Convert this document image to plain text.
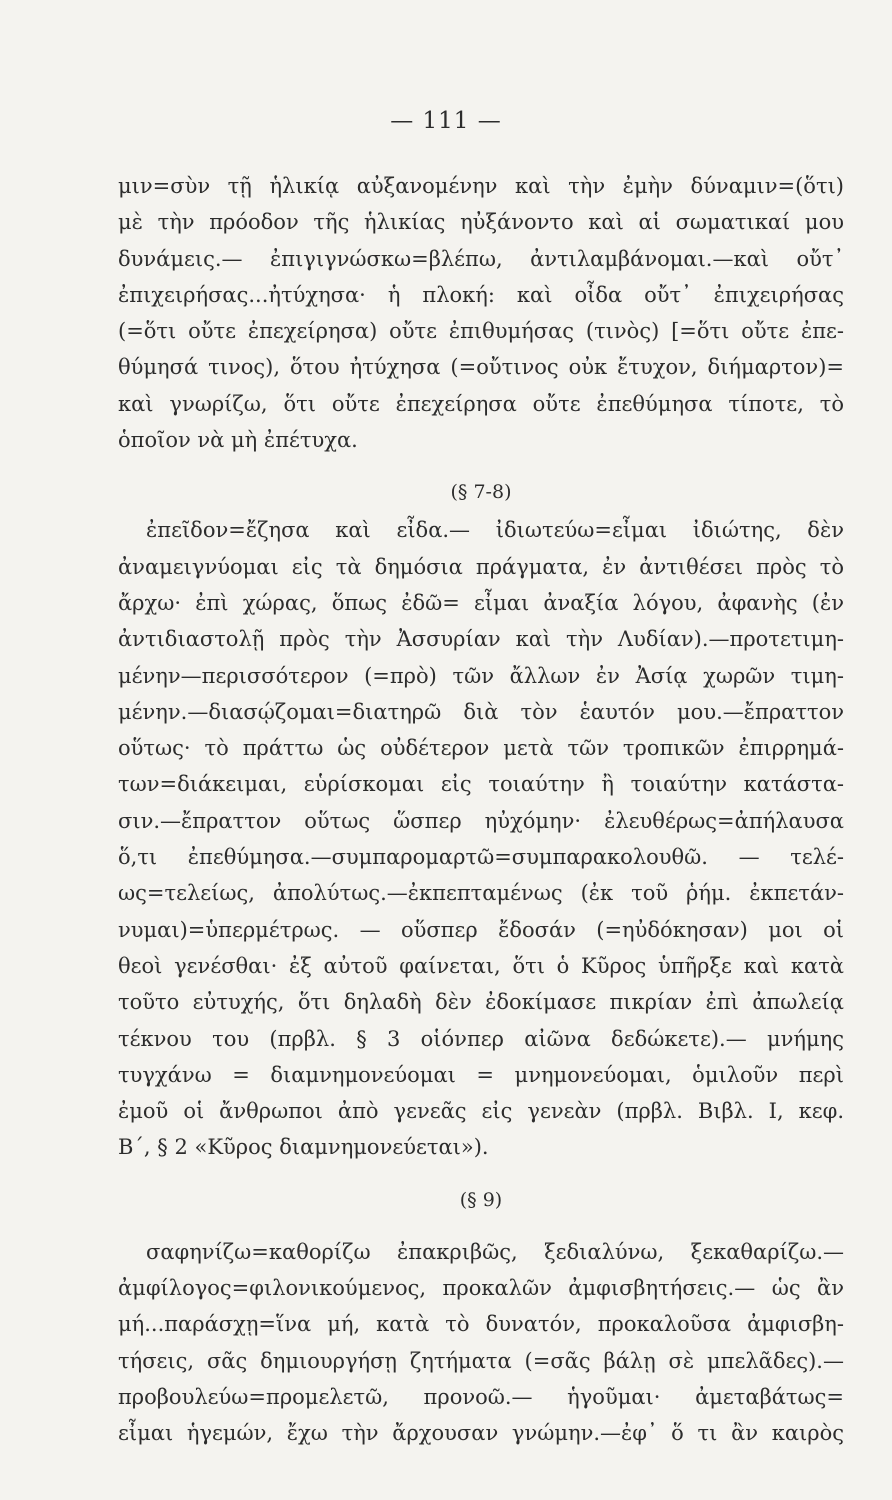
— 111 —
μιν=σὺν τῇ ἡλικίᾳ αὐξανομένην καὶ τὴν ἐμὴν δύναμιν=(ὅτι)
μὲ τὴν πρόοδον τῆς ἡλικίας ηὐξάνοντο καὶ αἱ σωματικαί μου
δυνάμεις.— ἐπιγιγνώσκω=βλέπω, ἀντιλαμβάνομαι.—καὶ οὔτ᾿
ἐπιχειρήσας...ἠτύχησα· ἡ πλοκή: καὶ οἶδα οὔτ᾿ ἐπιχειρήσας
(=ὅτι οὔτε ἐπεχείρησα) οὔτε ἐπιθυμήσας (τινὸς) [=ὅτι οὔτε ἐπε-
θύμησά τινος), ὅτου ἠτύχησα (=οὔτινος οὐκ ἔτυχον, διήμαρτον)=
καὶ γνωρίζω, ὅτι οὔτε ἐπεχείρησα οὔτε ἐπεθύμησα τίποτε, τὸ
ὁποῖον νὰ μὴ ἐπέτυχα.
(§ 7-8)
ἐπεῖδον=ἔζησα καὶ εἶδα.— ἰδιωτεύω=εἶμαι ἰδιώτης, δὲν
ἀναμειγνύομαι εἰς τὰ δημόσια πράγματα, ἐν ἀντιθέσει πρὸς τὸ
ἄρχω· ἐπὶ χώρας, ὅπως ἐδῶ= εἶμαι ἀναξία λόγου, ἀφανὴς (ἐν
ἀντιδιαστολῇ πρὸς τὴν Ἀσσυρίαν καὶ τὴν Λυδίαν).—προτετιμη-
μένην—περισσότερον (=πρὸ) τῶν ἄλλων ἐν Ἀσίᾳ χωρῶν τιμη-
μένην.—διασῴζομαι=διατηρῶ διὰ τὸν ἑαυτόν μου.—ἔπραττον
οὕτως· τὸ πράττω ὡς οὐδέτερον μετὰ τῶν τροπικῶν ἐπιρρημά-
των=διάκειμαι, εὑρίσκομαι εἰς τοιαύτην ἢ τοιαύτην κατάστα-
σιν.—ἔπραττον οὕτως ὥσπερ ηὐχόμην· ἐλευθέρως=ἀπήλαυσα
ὅ,τι ἐπεθύμησα.—συμπαρομαρτῶ=συμπαρακολουθῶ. — τελέ-
ως=τελείως, ἀπολύτως.—ἐκπεπταμένως (ἐκ τοῦ ῥήμ. ἐκπετάν-
νυμαι)=ὑπερμέτρως. — οὕσπερ ἔδοσάν (=ηὐδόκησαν) μοι οἱ
θεοὶ γενέσθαι· ἐξ αὐτοῦ φαίνεται, ὅτι ὁ Κῦρος ὑπῆρξε καὶ κατὰ
τοῦτο εὐτυχής, ὅτι δηλαδὴ δὲν ἐδοκίμασε πικρίαν ἐπὶ ἀπωλείᾳ
τέκνου του (πρβλ. § 3 οἱόνπερ αἰῶνα δεδώκετε).— μνήμης
τυγχάνω = διαμνημονεύομαι = μνημονεύομαι, ὁμιλοῦν περὶ
ἐμοῦ οἱ ἄνθρωποι ἀπὸ γενεᾶς εἰς γενεὰν (πρβλ. Βιβλ. Ι, κεφ.
Β΄, § 2 «Κῦρος διαμνημονεύεται»).
(§ 9)
σαφηνίζω=καθορίζω ἐπακριβῶς, ξεδιαλύνω, ξεκαθαρίζω.—
ἀμφίλογος=φιλονικούμενος, προκαλῶν ἀμφισβητήσεις.— ὡς ἂν
μή...παράσχῃ=ἵνα μή, κατὰ τὸ δυνατόν, προκαλοῦσα ἀμφισβη-
τήσεις, σᾶς δημιουργήσῃ ζητήματα (=σᾶς βάλῃ σὲ μπελᾶδες).—
προβουλεύω=προμελετῶ, προνοῶ.— ἡγοῦμαι· ἀμεταβάτως=
εἶμαι ἡγεμών, ἔχω τὴν ἄρχουσαν γνώμην.—ἐφ᾿ ὅ τι ἂν καιρὸς
